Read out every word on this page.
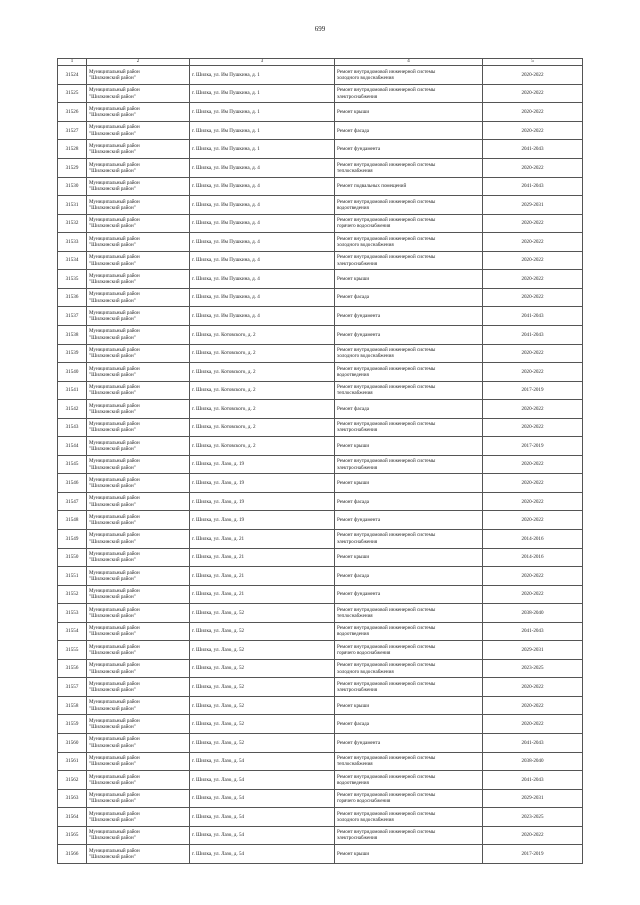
699
1	2	3	4	5
31524	Муниципальный район
"Шилкинский район"	г. Шилка, ул. Им Пушкина, д. 1	Ремонт внутридомовой инженерной системы
холодного водоснабжения	2020-2022
31525	Муниципальный район
"Шилкинский район"	г. Шилка, ул. Им Пушкина, д. 1	Ремонт внутридомовой инженерной системы
электроснабжения	2020-2022
31526	Муниципальный район
"Шилкинский район"	г. Шилка, ул. Им Пушкина, д. 1	Ремонт крыши	2020-2022
31527	Муниципальный район
"Шилкинский район"	г. Шилка, ул. Им Пушкина, д. 1	Ремонт фасада	2020-2022
31528	Муниципальный район
"Шилкинский район"	г. Шилка, ул. Им Пушкина, д. 1	Ремонт фундамента	2041-2043
31529	Муниципальный район
"Шилкинский район"	г. Шилка, ул. Им Пушкина, д. 4	Ремонт внутридомовой инженерной системы
теплоснабжения	2020-2022
31530	Муниципальный район
"Шилкинский район"	г. Шилка, ул. Им Пушкина, д. 4	Ремонт подвальных помещений	2041-2043
31531	Муниципальный район
"Шилкинский район"	г. Шилка, ул. Им Пушкина, д. 4	Ремонт внутридомовой инженерной системы
водоотведения	2029-2031
31532	Муниципальный район
"Шилкинский район"	г. Шилка, ул. Им Пушкина, д. 4	Ремонт внутридомовой инженерной системы
горячего водоснабжения	2020-2022
31533	Муниципальный район
"Шилкинский район"	г. Шилка, ул. Им Пушкина, д. 4	Ремонт внутридомовой инженерной системы
холодного водоснабжения	2020-2022
31534	Муниципальный район
"Шилкинский район"	г. Шилка, ул. Им Пушкина, д. 4	Ремонт внутридомовой инженерной системы
электроснабжения	2020-2022
31535	Муниципальный район
"Шилкинский район"	г. Шилка, ул. Им Пушкина, д. 4	Ремонт крыши	2020-2022
31536	Муниципальный район
"Шилкинский район"	г. Шилка, ул. Им Пушкина, д. 4	Ремонт фасада	2020-2022
31537	Муниципальный район
"Шилкинский район"	г. Шилка, ул. Им Пушкина, д. 4	Ремонт фундамента	2041-2043
31538	Муниципальный район
"Шилкинский район"	г. Шилка, ул. Котовского, д. 2	Ремонт фундамента	2041-2043
31539	Муниципальный район
"Шилкинский район"	г. Шилка, ул. Котовского, д. 2	Ремонт внутридомовой инженерной системы
холодного водоснабжения	2020-2022
31540	Муниципальный район
"Шилкинский район"	г. Шилка, ул. Котовского, д. 2	Ремонт внутридомовой инженерной системы
водоотведения	2020-2022
31541	Муниципальный район
"Шилкинский район"	г. Шилка, ул. Котовского, д. 2	Ремонт внутридомовой инженерной системы
теплоснабжения	2017-2019
31542	Муниципальный район
"Шилкинский район"	г. Шилка, ул. Котовского, д. 2	Ремонт фасада	2020-2022
31543	Муниципальный район
"Шилкинский район"	г. Шилка, ул. Котовского, д. 2	Ремонт внутридомовой инженерной системы
электроснабжения	2020-2022
31544	Муниципальный район
"Шилкинский район"	г. Шилка, ул. Котовского, д. 2	Ремонт крыши	2017-2019
31545	Муниципальный район
"Шилкинский район"	г. Шилка, ул. Лазо, д. 19	Ремонт внутридомовой инженерной системы
электроснабжения	2020-2022
31546	Муниципальный район
"Шилкинский район"	г. Шилка, ул. Лазо, д. 19	Ремонт крыши	2020-2022
31547	Муниципальный район
"Шилкинский район"	г. Шилка, ул. Лазо, д. 19	Ремонт фасада	2020-2022
31548	Муниципальный район
"Шилкинский район"	г. Шилка, ул. Лазо, д. 19	Ремонт фундамента	2020-2022
31549	Муниципальный район
"Шилкинский район"	г. Шилка, ул. Лазо, д. 21	Ремонт внутридомовой инженерной системы
электроснабжения	2014-2016
31550	Муниципальный район
"Шилкинский район"	г. Шилка, ул. Лазо, д. 21	Ремонт крыши	2014-2016
31551	Муниципальный район
"Шилкинский район"	г. Шилка, ул. Лазо, д. 21	Ремонт фасада	2020-2022
31552	Муниципальный район
"Шилкинский район"	г. Шилка, ул. Лазо, д. 21	Ремонт фундамента	2020-2022
31553	Муниципальный район
"Шилкинский район"	г. Шилка, ул. Лазо, д. 52	Ремонт внутридомовой инженерной системы
теплоснабжения	2038-2040
31554	Муниципальный район
"Шилкинский район"	г. Шилка, ул. Лазо, д. 52	Ремонт внутридомовой инженерной системы
водоотведения	2041-2043
31555	Муниципальный район
"Шилкинский район"	г. Шилка, ул. Лазо, д. 52	Ремонт внутридомовой инженерной системы
горячего водоснабжения	2029-2031
31556	Муниципальный район
"Шилкинский район"	г. Шилка, ул. Лазо, д. 52	Ремонт внутридомовой инженерной системы
холодного водоснабжения	2023-2025
31557	Муниципальный район
"Шилкинский район"	г. Шилка, ул. Лазо, д. 52	Ремонт внутридомовой инженерной системы
электроснабжения	2020-2022
31558	Муниципальный район
"Шилкинский район"	г. Шилка, ул. Лазо, д. 52	Ремонт крыши	2020-2022
31559	Муниципальный район
"Шилкинский район"	г. Шилка, ул. Лазо, д. 52	Ремонт фасада	2020-2022
31560	Муниципальный район
"Шилкинский район"	г. Шилка, ул. Лазо, д. 52	Ремонт фундамента	2041-2043
31561	Муниципальный район
"Шилкинский район"	г. Шилка, ул. Лазо, д. 54	Ремонт внутридомовой инженерной системы
теплоснабжения	2038-2040
31562	Муниципальный район
"Шилкинский район"	г. Шилка, ул. Лазо, д. 54	Ремонт внутридомовой инженерной системы
водоотведения	2041-2043
31563	Муниципальный район
"Шилкинский район"	г. Шилка, ул. Лазо, д. 54	Ремонт внутридомовой инженерной системы
горячего водоснабжения	2029-2031
31564	Муниципальный район
"Шилкинский район"	г. Шилка, ул. Лазо, д. 54	Ремонт внутридомовой инженерной системы
холодного водоснабжения	2023-2025
31565	Муниципальный район
"Шилкинский район"	г. Шилка, ул. Лазо, д. 54	Ремонт внутридомовой инженерной системы
электроснабжения	2020-2022
31566	Муниципальный район
"Шилкинский район"	г. Шилка, ул. Лазо, д. 54	Ремонт крыши	2017-2019
